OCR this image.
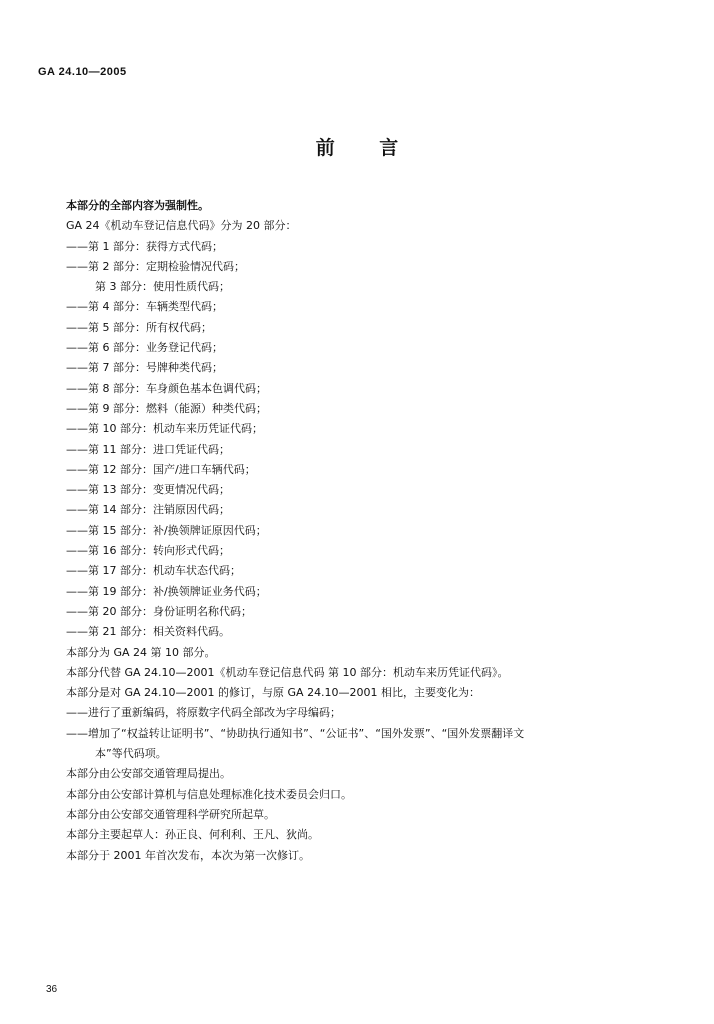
GA 24.10—2005
前 言
本部分的全部内容为强制性。
GA 24《机动车登记信息代码》分为 20 部分：
——第 1 部分：获得方式代码；
——第 2 部分：定期检验情况代码；
第 3 部分：使用性质代码；
——第 4 部分：车辆类型代码；
——第 5 部分：所有权代码；
——第 6 部分：业务登记代码；
——第 7 部分：号牌种类代码；
——第 8 部分：车身颜色基本色调代码；
——第 9 部分：燃料（能源）种类代码；
——第 10 部分：机动车来历凭证代码；
——第 11 部分：进口凭证代码；
——第 12 部分：国产/进口车辆代码；
——第 13 部分：变更情况代码；
——第 14 部分：注销原因代码；
——第 15 部分：补/换领牌证原因代码；
——第 16 部分：转向形式代码；
——第 17 部分：机动车状态代码；
——第 19 部分：补/换领牌证业务代码；
——第 20 部分：身份证明名称代码；
——第 21 部分：相关资料代码。
本部分为 GA 24 第 10 部分。
本部分代替 GA 24.10—2001《机动车登记信息代码 第 10 部分：机动车来历凭证代码》。
本部分是对 GA 24.10—2001 的修订，与原 GA 24.10—2001 相比，主要变化为：
——进行了重新编码，将原数字代码全部改为字母编码；
——增加了“权益转让证明书”、“协助执行通知书”、“公证书”、“国外发票”、“国外发票翻译文
本”等代码项。
本部分由公安部交通管理局提出。
本部分由公安部计算机与信息处理标准化技术委员会归口。
本部分由公安部交通管理科学研究所起草。
本部分主要起草人：孙正良、何利利、王凡、狄尚。
本部分于 2001 年首次发布，本次为第一次修订。
36
